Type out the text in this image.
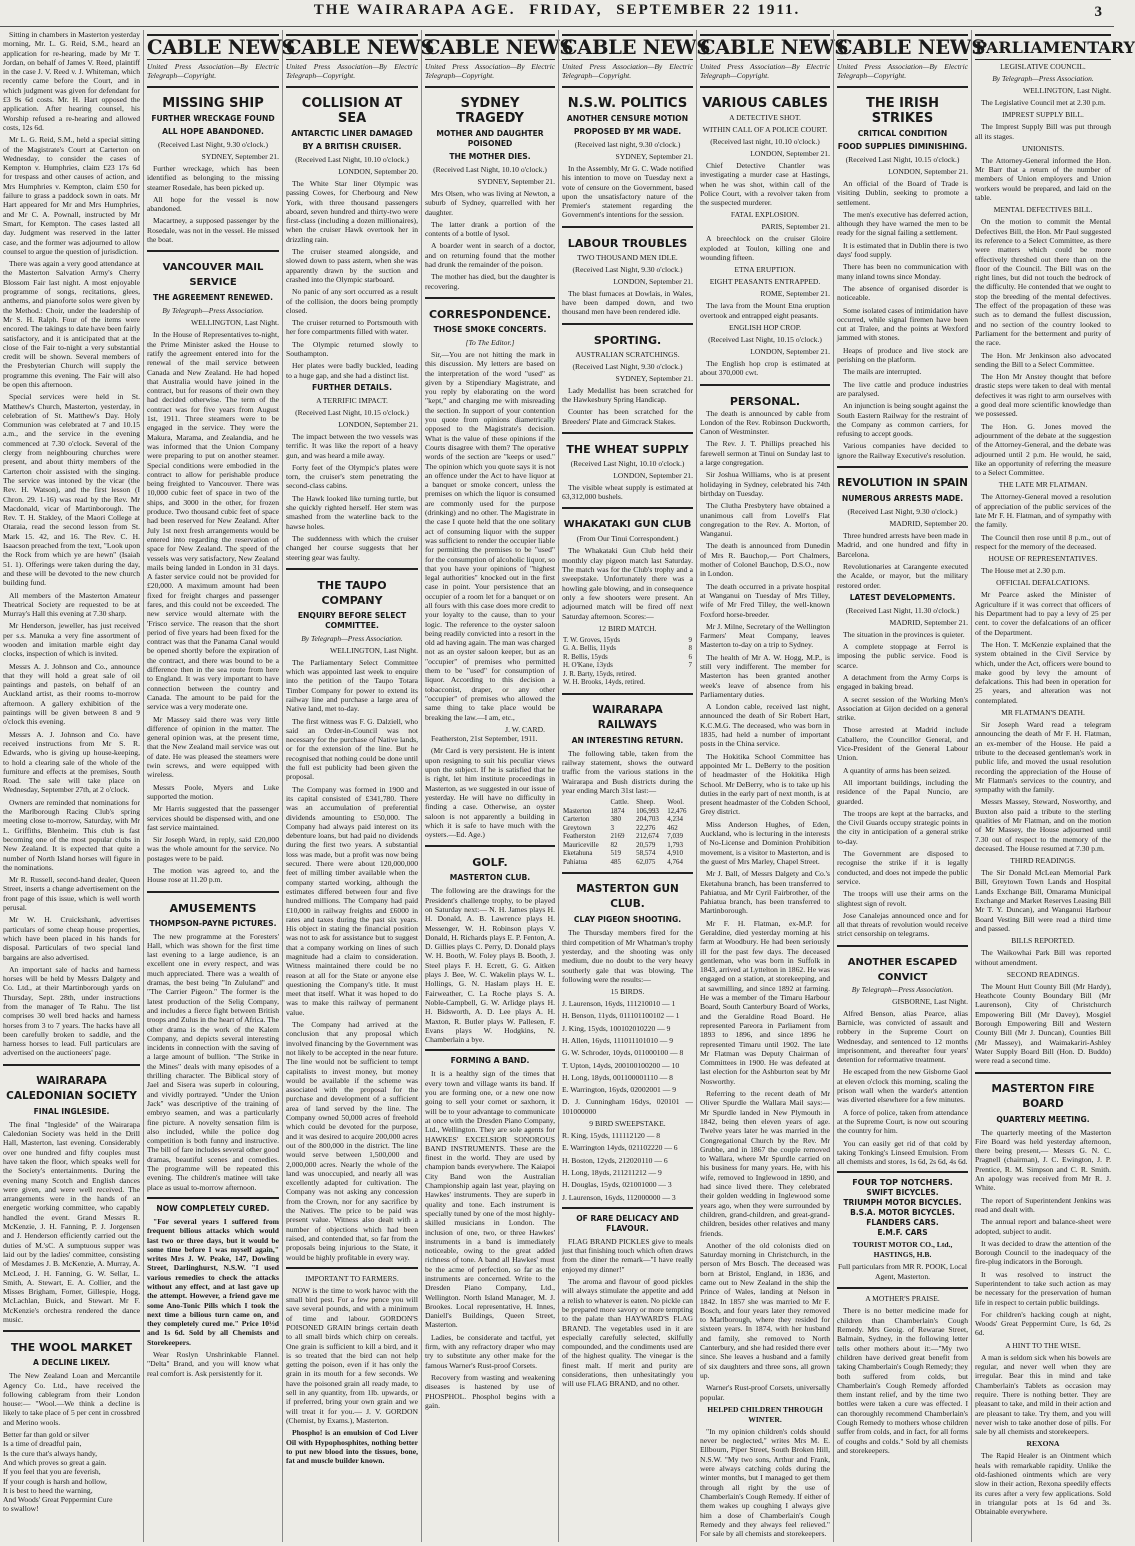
THE WAIRARAPA AGE. FRIDAY, SEPTEMBER 22 1911.	3

Sitting in chambers in Masterton yesterday morning, Mr. L. G. Reid, S.M., heard an application for re-hearing, made by Mr T. Jordan, on behalf of James V. Reed, plaintiff in the case J. V. Reed v. J. Whiteman, which recently came before the Court, and in which judgment was given for defendant for £3 9s 6d costs. Mr. H. Hart opposed the application. After hearing counsel, his Worship refused a re-hearing and allowed costs, 12s 6d.

Mr L. G. Reid, S.M., held a special sitting of the Magistrate's Court at Carterton on Wednesday, to consider the cases of Kempton v. Humphries, claim £23 17s 6d for trespass and other causes of action, and Mrs Humphries v. Kempton, claim £50 for failure to grass a paddock sown in oats. Mr Hart appeared for Mr and Mrs Humphries, and Mr C. A. Pownall, instructed by Mr Smart, for Kempton. The cases lasted all day. Judgment was reserved in the latter case, and the former was adjourned to allow counsel to argue the question of jurisdiction.

There was again a very good attendance at the Masterton Salvation Army's Cherry Blossom Fair last night. A most enjoyable programme of songs, recitations, glees, anthems, and pianoforte solos were given by the Method.: Choir, under the leadership of Mr S. H. Ralph. Four of the items were encored. The takings to date have been fairly satisfactory, and it is anticipated that at the close of the Fair to-night a very substantial credit will be shown. Several members of the Presbyterian Church will supply the programme this evening. The Fair will also be open this afternoon.

Special services were held in St. Matthew's Church, Masterton, yesterday, in celebration of St. Matthew's Day. Holy Communion was celebrated at 7 and 10.15 a.m., and the service in the evening commenced at 7.30 o'clock. Several of the clergy from neighbouring churches were present, and about thirty members of the Carterton choir assisted with the singing. The service was intoned by the vicar (the Rev. H. Watson), and the first lesson (I Chron. 29. 1-16) was read by the Rev. Mr Macdonald, vicar of Martinborough. The Rev. T. H. Stakley, of the Maori College at Otaraia, read the second lesson from St. Mark 15. 42, and 16. The Rev. C. H. Isaacson preached from the text, "Look upon the Rock from which ye are hewn" (Isaiah 51. 1). Offerings were taken during the day, and these will be devoted to the new church building fund.

All members of the Masterton Amateur Theatrical Society are requested to be at Murray's Hall this evening at 7.30 sharp.

Mr Henderson, jeweller, has just received per s.s. Manuka a very fine assortment of wooden and imitation marble eight day clocks, inspection of which is invited.

Messrs A. J. Johnson and Co., announce that they will hold a great sale of oil paintings and pastels, on behalf of an Auckland artist, as their rooms to-morrow afternoon. A gallery exhibition of the paintings will be given between 8 and 9 o'clock this evening.

Messrs A. J. Johnson and Co. have received instructions from Mr S. R. Edwards, who is giving up house-keeping, to hold a clearing sale of the whole of the furniture and effects at the premises, South Road. The sale will take place on Wednesday, September 27th, at 2 o'clock.

Owners are reminded that nominations for the Marlborough Racing Club's spring meeting close to-morrow, Saturday, with Mr L. Griffiths, Blenheim. This club is fast becoming one of the most popular clubs in New Zealand. It is expected that quite a number of North Island horses will figure in the nominations.

Mr R. Russell, second-hand dealer, Queen Street, inserts a change advertisement on the front page of this issue, which is well worth perusal.

Mr W. H. Cruickshank, advertises particulars of some cheap house properties, which have been placed in his hands for disposal. Particulars of two special land bargains are also advertised.

An important sale of hacks and harness horses will be held by Messrs Dalgety and Co. Ltd., at their Martinborough yards on Thursday, Sept. 28th, under instructions from the manager of Te Rahu. The list comprises 30 well bred hacks and harness horses from 3 to 7 years. The hacks have all been carefully broken to saddle, and the harness horses to lead. Full particulars are advertised on the auctioneers' page.

WAIRARAPA CALEDONIAN SOCIETY
FINAL INGLESIDE.

The final "Ingleside" of the Wairarapa Caledonian Society was held in the Drill Hall, Masterton, last evening. Considerably over one hundred and fifty couples must have taken the floor, which speaks well for the Society's entertainments. During the evening many Scotch and English dances were given, and were well received. The arrangements were in the hands of an energetic working committee, who capably handled the event. Grand Messrs R. McKenzie, J. H. Fanning, P. J. Jorgensen and J. Henderson efficiently carried out the duties of M.'sC. A sumptuous supper was laid out by the ladies' committee, consisting of Mesdames J. B. McKenzie, A. Murray, A. McLeod, J. H. Fanning, G. W. Sellar, L. Smith, A. Stewart, E. A. Collier, and the Misses Brigham, Forner, Gillespie, Hogg, McLachlan, Buick, and Stewart. Mr F. McKenzie's orchestra rendered the dance music.

THE WOOL MARKET
A DECLINE LIKELY.

The New Zealand Loan and Mercantile Agency Co. Ltd., have received the following cablegram from their London house:— "Wool.—We think a decline is likely to take place of 5 per cent in crossbred and Merino wools.

Better far than gold or silver
Is a time of dreadful pain,
Is the cure that's always handy,
And which proves so great a gain.
If you feel that you are feverish,
If your cough is harsh and hollow,
It is best to heed the warning,
And Woods' Great Peppermint Cure
to swallow!

CABLE NEWS
United Press Association—By Electric Telegraph—Copyright.
MISSING SHIP
FURTHER WRECKAGE FOUND
ALL HOPE ABANDONED.
(Received Last Night, 9.30 o'clock.)
SYDNEY, September 21.

Further wreckage, which has been identified as belonging to the missing steamer Rosedale, has been picked up.

All hope for the vessel is now abandoned.

Macartney, a supposed passenger by the Rosedale, was not in the vessel. He missed the boat.

VANCOUVER MAIL SERVICE
THE AGREEMENT RENEWED.
By Telegraph—Press Association.
WELLINGTON, Last Night.

In the House of Representatives to-night, the Prime Minister asked the House to ratify the agreement entered into for the renewal of the mail service between Canada and New Zealand. He had hoped that Australia would have joined in the contract, but for reasons of their own they had decided otherwise. The term of the contract was for five years from August 1st, 1911. Three steamers were to be engaged in the service. They were the Makura, Marama, and Zealandia, and he was informed that the Union Company were preparing to put on another steamer. Special conditions were embodied in the contract to allow for perishable produce being freighted to Vancouver. There was 10,000 cubic feet of space in two of the ships, and 3000 in the other, for frozen produce. Two thousand cubic feet of space had been reserved for New Zealand. After July 1st next fresh arrangements would be entered into regarding the reservation of space for New Zealand. The speed of the vessels was very satisfactory, New Zealand mails being landed in London in 31 days. A faster service could not be provided for £20,000. A maximum amount had been fixed for freight charges and passenger fares, and this could not be exceeded. The new service would alternate with the 'Frisco service. The reason that the short period of five years had been fixed for the contract was that the Panama Canal would be opened shortly before the expiration of the contract, and there was bound to be a difference then in the sea route from here to England. It was very important to have connection between the country and Canada. The amount to be paid for the service was a very moderate one.

Mr Massey said there was very little difference of opinion in the matter. The general opinion was, at the present time, that the New Zealand mail service was out of date. He was pleased the steamers were twin screws, and were equipped with wireless.

Messrs Poole, Myers and Luke supported the motion.

Mr Harris suggested that the passenger services should be dispensed with, and one fast service maintained.

Sir Joseph Ward, in reply, said £20,000 was the whole amount for the service. No postages were to be paid.

The motion was agreed to, and the House rose at 11.20 p.m.

AMUSEMENTS
THOMPSON-PAYNE PICTURES.

The new programme at the Foresters' Hall, which was shown for the first time last evening to a large audience, is an excellent one in every respect, and was much appreciated. There was a wealth of dramas, the best being "In Zululand" and "The Carrier Pigeon." The former is the latest production of the Selig Company, and includes a fierce fight between British troops and Zulus in the heart of Africa. The other drama is the work of the Kalem Company, and depicts several interesting incidents in connection with the saving of a large amount of bullion. "The Strike in the Mines" deals with many episodes of a thrilling character. The Biblical story of Jael and Sisera was superb in colouring, and vividly portrayed. "Under the Union Jack" was descriptive of the training of embryo seamen, and was a particularly fine picture. A novelty sensation film is also included, while the police dog competition is both funny and instructive. The bill of fare includes several other good dramas, beautiful scenes and comedies. The programme will be repeated this evening. The children's matinee will take place as usual to-morrow afternoon.

NOW COMPLETELY CURED.

"For several years I suffered from frequent bilious attacks which would last two or three days, but it would be some time before I was myself again," writes Mrs J. W. Peake, 147, Dowling Street, Darlinghurst, N.S.W. "I used various remedies to check the attacks without any effect, and at last gave up the attempt. However, a friend gave me some Ano-Tonic Pills which I took the next time a bilious turn came on, and they completely cured me." Price 10½d and 1s 6d. Sold by all Chemists and Storekeepers.

Wear Roslyn Unshrinkable Flannel. "Delta" Brand, and you will know what real comfort is. Ask persistently for it.

CABLE NEWS
United Press Association—By Electric Telegraph—Copyright.
COLLISION AT SEA
ANTARCTIC LINER DAMAGED
BY A BRITISH CRUISER.
(Received Last Night, 10.10 o'clock.)
LONDON, September 20.

The White Star liner Olympic was passing Cowes, for Cherbourg and New York, with three thousand passengers aboard, seven hundred and thirty-two were first-class (including a dozen millionaires), when the cruiser Hawk overtook her in drizzling rain.

The cruiser steamed alongside, and slowed down to pass astern, when she was apparently drawn by the suction and crashed into the Olympic starboard.

No panic of any sort occurred as a result of the collision, the doors being promptly closed.

The cruiser returned to Portsmouth with her fore compartments filled with water.

The Olympic returned slowly to Southampton.

Her plates were badly buckled, leading to a huge gap, and she had a distinct list.

FURTHER DETAILS.
A TERRIFIC IMPACT.
(Received Last Night, 10.15 o'clock.)
LONDON, September 21.

The impact between the two vessels was terrific. It was like the report of a heavy gun, and was heard a mile away.

Forty feet of the Olympic's plates were torn, the cruiser's stem penetrating the second-class cabins.

The Hawk looked like turning turtle, but she quickly righted herself. Her stem was smashed from the waterline back to the hawse holes.

The suddenness with which the cruiser changed her course suggests that her steering gear was faulty.

THE TAUPO COMPANY
ENQUIRY BEFORE SELECT COMMITTEE.
By Telegraph—Press Association.
WELLINGTON, Last Night.

The Parliamentary Select Committee which was appointed last week to enquire into the petition of the Taupo Totara Timber Company for power to extend its railway line and purchase a large area of Native land, met to-day.

The first witness was F. G. Dalziell, who said an Order-in-Council was not necessary for the purchase of Native lands, or for the extension of the line. But he recognised that nothing could be done until the full est publicity had been given the proposal.

The Company was formed in 1900 and its capital consisted of £341,780. There was an accumulation of preferential dividends amounting to £50,000. The Company had always paid interest on its debenture loans, but had paid no dividends during the first two years. A substantial loss was made, but a profit was now being secured. There were about 120,000,000 feet of milling timber available when the company started working, although the estimates differed between four and five hundred millions. The Company had paid £10,000 in railway freights and £6000 in rates and taxes during the past six years. His object in stating the financial position was not to ask for assistance but to suggest that a company working on lines of such magnitude had a claim to consideration. Witness maintained there could be no reason at all for the State or anyone else questioning the Company's title. It must meet that itself. What it was hoped to do was to make this railway of permanent value.

The Company had arrived at the conclusion that any proposal which involved financing by the Government was not likely to be accepted in the near future. The line would not be sufficient to tempt capitalists to invest money, but money would be available if the scheme was associated with the proposal for the purchase and development of a sufficient area of land served by the line. The Company owned 50,000 acres of freehold which could be devoted for the purpose, and it was desired to acquire 200,000 acres out of the 800,000 in the district. The line would serve between 1,500,000 and 2,000,000 acres. Nearly the whole of the land was unoccupied, and nearly all was excellently adapted for cultivation. The Company was not asking any concession from the Crown, nor for any sacrifice by the Natives. The price to be paid was present value. Witness also dealt with a number of objections which had been raised, and contended that, so far from the proposals being injurious to the State, it would be highly profitable in every way.

IMPORTANT TO FARMERS.

NOW is the time to work havoc with the small bird pest. For a few pence you will save several pounds, and with a minimum of time and labour. GORDON'S POISONED GRAIN brings certain death to all small birds which chirp on cereals. One grain is sufficient to kill a bird, and it is so treated that the bird can not help getting the poison, even if it has only the grain in its mouth for a few seconds. We have the poisoned grain all ready made, to sell in any quantity, from 1lb. upwards, or if preferred, bring your own grain and we will treat it for you.— J. V. GORDON (Chemist, by Exams.), Masterton.

Phospho! is an emulsion of Cod Liver Oil with Hypophosphites, nothing better to put new blood into the tissues, bone, fat and muscle builder known.

CABLE NEWS
United Press Association—By Electric Telegraph—Copyright.
SYDNEY TRAGEDY
MOTHER AND DAUGHTER POISONED
THE MOTHER DIES.
(Received Last Night, 10.10 o'clock.)
SYDNEY, September 21.

Mrs Olsen, who was living at Newton, a suburb of Sydney, quarrelled with her daughter.

The latter drank a portion of the contents of a bottle of lysol.

A boarder went in search of a doctor, and on returning found that the mother had drunk the remainder of the poison.

The mother has died, but the daughter is recovering.

CORRESPONDENCE.
THOSE SMOKE CONCERTS.
[To The Editor.]

Sir,—You are not hitting the mark in this discussion. My letters are based on the interpretation of the word "used" as given by a Stipendiary Magistrate, and you reply by elaborating on the word "kept," and charging me with misreading the section. In support of your contention you quote from opinions diametrically opposed to the Magistrate's decision. What is the value of these opinions if the Courts disagree with them? The operative words of the section are "keeps or used." The opinion which you quote says it is not an offence under the Act to have liquor at a banquet or smoke concert, unless the premises on which the liquor is consumed are commonly used for the purpose (drinking) and no other. The Magistrate in the case I quote held that the one solitary act of consuming liquor with the supper was sufficient to render the occupier liable for permitting the premises to be "used" for the consumption of alcoholic liquor, so that you have your opinions of "highest legal authorities" knocked out in the first case in point. Your persistence that an occupier of a room let for a banquet or on all fours with this case does more credit to your loyalty to the cause, than to your logic. The reference to the oyster saloon being readily convicted into a resort in the old ad having again. The man was charged not as an oyster saloon keeper, but as an "occupier" of premises who permitted them to be "used" for consumption of liquor. According to this decision a tobacconist, draper, or any other "occupier" of premises who allowed the same thing to take place would be breaking the law.—I am, etc.,

J. W. CARD.

Featherston, 21st September, 1911.

(Mr Card is very persistent. He is intent upon resigning to suit his peculiar views upon the subject. If he is satisfied that he is right, let him institute proceedings in Masterton, as we suggested in our issue of yesterday. He will have no difficulty in finding a case. Otherwise, an oyster saloon is not apparently a building in which it is safe to have much with the oysters.—Ed. Age.)

GOLF.
MASTERTON CLUB.

The following are the drawings for the President's challenge trophy, to be played on Saturday next:— N. H. James plays H. H. Donald, A. B. Lawrence plays H. Messenger, W. H. Robinson plays V. Donald, H. Richards plays E. P. Fenton, A. D. Gillies plays C. Perry, D. Donald plays W. H. Booth, W. Foley plays B. Booth, J. Steel plays F. H. Ecrett, G. G. Aitken plays J. Bee, W. C. Wakelin plays W. L. Hollings, G. N. Haslam plays H. E. Fairweather, C. La Roche plays S. A. Noble-Campbell, G. W. Arlidge plays H. H. Bidsworth, A. D. Lee plays A. H. Maxton, R. Butler plays W. Pallesen, F. Evans plays W. Hodgkins, N. Chamberlain a bye.

FORMING A BAND.

It is a healthy sign of the times that every town and village wants its band. If you are forming one, or a new one now going to sell your cornet or saxhorn, it will be to your advantage to communicate at once with the Dresden Piano Company, Ltd., Wellington. They are sole agents for HAWKES' EXCELSIOR SONOROUS BAND INSTRUMENTS. These are the finest in the world. They are used by champion bands everywhere. The Kaiapoi City Band won the Australian Championship again last year, playing on Hawkes' instruments. They are superb in quality and tone. Each instrument is specially tuned by one of the most highly-skilled musicians in London. The inclusion of one, two, or three Hawkes' instruments in a band is immediately noticeable, owing to the great added richness of tone. A band all Hawkes' must be the acme of perfection, so far as the instruments are concerned. Write to the Dresden Piano Company, Ltd., Wellington. North Island Manager, M. J. Brookes. Local representative, H. Innes, Daniell's Buildings, Queen Street, Masterton.

Ladies, be considerate and tactful, yet firm, with any refractory draper who may try to substitute any other make for the famous Warner's Rust-proof Corsets.

Recovery from wasting and weakening diseases is hastened by use of PHOSPHOL. Phosphol begins with a gain.

CABLE NEWS
United Press Association—By Electric Telegraph—Copyright.
N.S.W. POLITICS
ANOTHER CENSURE MOTION
PROPOSED BY MR WADE.
(Received last night, 9.30 o'clock.)
SYDNEY, September 21.

In the Assembly, Mr G. C. Wade notified his intention to move on Tuesday next a vote of censure on the Government, based upon the unsatisfactory nature of the Premier's statement regarding the Government's intentions for the session.

LABOUR TROUBLES
TWO THOUSAND MEN IDLE.
(Received Last Night, 9.30 o'clock.)
LONDON, September 21.

The blast furnaces at Dowlais, in Wales, have been damped down, and two thousand men have been rendered idle.

SPORTING.
AUSTRALIAN SCRATCHINGS.
(Received Last Night, 9.30 o'clock.)
SYDNEY, September 21.

Lady Medallist has been scratched for the Hawkesbury Spring Handicap.

Counter has been scratched for the Breeders' Plate and Gimcrack Stakes.

THE WHEAT SUPPLY
(Received Last Night, 10.10 o'clock.)
LONDON, September 21.

The visible wheat supply is estimated at 63,312,000 bushels.

WHAKATAKI GUN CLUB
(From Our Tinui Correspondent.)

The Whakataki Gun Club held their monthly clay pigeon match last Saturday. The match was for the Club's trophy and a sweepstake. Unfortunately there was a howling gale blowing, and in consequence only a few shooters were present. An adjourned match will be fired off next Saturday afternoon. Scores:—

12 BIRD MATCH.
T. W. Groves, 15yds	9
G. A. Bellis, 11yds	8
R. Bellis, 15yds	6
H. O'Kane, 13yds	7
J. R. Barty, 15yds, retired.	
W. H. Brooks, 14yds, retired.	
WAIRARAPA RAILWAYS
AN INTERESTING RETURN.

The following table, taken from the railway statement, shows the outward traffic from the various stations in the Wairarapa and Bush districts during the year ending March 31st last:—

	Cattle.	Sheep.	Wool.
Masterton	1874	106,993	12,476
Carterton	380	204,703	4,234
Greytown	3	22,276	462
Featherston	2169	212,674	7,039
Mauriceville	82	20,579	1,793
Eketahuna	519	58,574	4,910
Pahiatua	485	62,075	4,764
MASTERTON GUN CLUB.
CLAY PIGEON SHOOTING.

The Thursday members fired for the third competition of Mr Whatman's trophy yesterday, and the shooting was only medium, due no doubt to the very heavy southerly gale that was blowing. The following were the results:—

15 BIRDS.

J. Laurenson, 16yds, 111210010 — 1

H. Benson, 11yds, 011101100102 — 1

J. King, 15yds, 100102010220 — 9

H. Allen, 16yds, 111011101010 — 9

G. W. Schroder, 10yds, 011000100 — 8

T. Upton, 14yds, 200100100200 — 10

H. Long, 18yds, 001100001110 — 8

E. Warrington, 16yds, 02002001 — 9

D. J. Cunningham 16dys, 020101 — 101000000

9 BIRD SWEEPSTAKE.

R. King, 15yds, 111112120 — 8

E. Warrington 14yds, 021102220 — 6

H. Boston, 12yds, 212020110 — 6

H. Long, 18yds, 211211212 — 9

H. Douglas, 15yds, 021001000 — 3

J. Laurenson, 16yds, 112000000 — 3

OF RARE DELICACY AND FLAVOUR.

FLAG BRAND PICKLES give to meals just that finishing touch which often draws from the diner the remark—"I have really enjoyed my dinner!"

The aroma and flavour of good pickles will always stimulate the appetite and add a relish to whatever is eaten. No pickle can be prepared more savory or more tempting to the palate than HAYWARD'S FLAG BRAND. The vegetables used in it are especially carefully selected, skilfully compounded, and the condiments used are of the highest quality. The vinegar is the finest malt. If merit and purity are considerations, then unhesitatingly you will use FLAG BRAND, and no other.

CABLE NEWS
United Press Association—By Electric Telegraph—Copyright.
VARIOUS CABLES
A DETECTIVE SHOT.
WITHIN CALL OF A POLICE COURT.
(Received last night, 10.10 o'clock.)
LONDON, September 21.

Chief Detective Chantler was investigating a murder case at Hastings, when he was shot, within call of the Police Court, with a revolver taken from the suspected murderer.

FATAL EXPLOSION.
PARIS, September 21.

A breechlock on the cruiser Gloire exploded at Toulon, killing one and wounding fifteen.

ETNA ERUPTION.
EIGHT PEASANTS ENTRAPPED.
ROME, September 21.

The lava from the Mount Etna eruption overtook and entrapped eight peasants.

ENGLISH HOP CROP.
(Received Last Night, 10.15 o'clock.)
LONDON, September 21.

The English hop crop is estimated at about 370,000 cwt.

PERSONAL.

The death is announced by cable from London of the Rev. Robinson Duckworth, Canon of Westminster.

The Rev. J. T. Phillips preached his farewell sermon at Tinui on Sunday last to a large congregation.

Sir Joshua Williams, who is at present holidaying in Sydney, celebrated his 74th birthday on Tuesday.

The Clutha Presbytery have obtained a unanimous call from Lovell's Flat congregation to the Rev. A. Morton, of Wanganui.

The death is announced from Dunedin of Mrs R. Bauchop,— Port Chalmers, mother of Colonel Bauchop, D.S.O., now in London.

The death occurred in a private hospital at Wanganui on Tuesday of Mrs Tilley, wife of Mr Fred Tilley, the well-known Foxford horse-breeder.

Mr J. Milne, Secretary of the Wellington Farmers' Meat Company, leaves Masterton to-day on a trip to Sydney.

The health of Mr A. W. Hogg, M.P., is still very indifferent. The member for Masterton has been granted another week's leave of absence from his Parliamentary duties.

A London cable, received last night, announced the death of Sir Robert Hart, K.C.M.G. The deceased, who was born in 1835, had held a number of important posts in the China service.

The Hokitika School Committee has appointed Mr L. DeBerry to the position of headmaster of the Hokitika High School. Mr DeBerry, who is to take up his duties in the early part of next month, is at present headmaster of the Cobden School, Grey district.

Miss Anderson Hughes, of Eden, Auckland, who is lecturing in the interests of No-License and Dominion Prohibition movement, is a visitor to Masterton, and is the guest of Mrs Marley, Chapel Street.

Mr J. Ball, of Messrs Dalgety and Co.'s Eketahuna branch, has been transferred to Pahiatua, and Mr Cyril Fairbrother, of the Pahiatua branch, has been transferred to Martinborough.

Mr F. H. Flatman, ex-M.P. for Geraldine, died yesterday morning at his farm at Woodbury. He had been seriously ill for the past few days. The deceased gentleman, who was born in Suffolk in 1843, arrived at Lyttelton in 1862. He was engaged on a station, at storekeeping, and at sawmilling, and since 1892 at farming. He was a member of the Timaru Harbour Board, South Canterbury Board of Works, and the Geraldine Road Board. He represented Pareora in Parliament from 1893 to 1896, and since 1896 he represented Timaru until 1902. The late Mr Flatman was Deputy Chairman of Committees in 1900. He was defeated at last election for the Ashburton seat by Mr Nosworthy.

Referring to the recent death of Mr Oliver Spurdle the Wallara Mail says:—Mr Spurdle landed in New Plymouth in 1842, being then eleven years of age. Twelve years later he was married in the Congregational Church by the Rev. Mr Grubbe, and in 1867 the couple removed to Wallara, where Mr Spurdle carried on his business for many years. He, with his wife, removed to Inglewood in 1890, and had since lived there. They celebrated their golden wedding in Inglewood some years ago, when they were surrounded by children, grand-children, and great-grand-children, besides other relatives and many friends.

Another of the old colonists died on Saturday morning in Christchurch, in the person of Mrs Bosch. The deceased was born at Bristol, England, in 1836, and came out to New Zealand in the ship the Prince of Wales, landing at Nelson in 1842. In 1857 she was married to Mr F. Bosch, and four years later they removed to Marlborough, where they resided for sixteen years. In 1874, with her husband and family, she removed to North Canterbury, and she had resided there ever since. She leaves a husband and a family of six daughters and three sons, all grown up.

Warner's Rust-proof Corsets, universally popular.

HELPED CHILDREN THROUGH WINTER.

"In my opinion children's colds should never be neglected," writes Mrs M. E. Ellbourn, Piper Street, South Broken Hill, N.S.W. "My two sons, Arthur and Frank, were always catching colds during the winter months, but I managed to get them through all right by the use of Chamberlain's Cough Remedy. If either of them wakes up coughing I always give him a dose of Chamberlain's Cough Remedy and they always feel relieved." For sale by all chemists and storekeepers.

CABLE NEWS
United Press Association—By Electric Telegraph—Copyright.
THE IRISH STRIKES
CRITICAL CONDITION
FOOD SUPPLIES DIMINISHING.
(Received Last Night, 10.15 o'clock.)
LONDON, September 21.

An official of the Board of Trade is visiting Dublin, seeking to promote a settlement.

The men's executive has deferred action, although they have warned the men to be ready for the signal failing a settlement.

It is estimated that in Dublin there is two days' food supply.

There has been no communication with many inland towns since Monday.

The absence of organised disorder is noticeable.

Some isolated cases of intimidation have occurred, while signal firemen have been cut at Tralee, and the points at Wexford jammed with stones.

Heaps of produce and live stock are perishing on the platform.

The mails are interrupted.

The live cattle and produce industries are paralysed.

An injunction is being sought against the South Eastern Railway for the restraint of the Company as common carriers, for refusing to accept goods.

Various companies have decided to ignore the Railway Executive's resolution.

REVOLUTION IN SPAIN
NUMEROUS ARRESTS MADE.
(Received Last Night, 9.30 o'clock.)
MADRID, September 20.

Three hundred arrests have been made in Madrid, and one hundred and fifty in Barcelona.

Revolutionaries at Carangente executed the Acalde, or mayor, but the military restored order.

LATEST DEVELOPMENTS.
(Received Last Night, 11.30 o'clock.)
MADRID, September 21.

The situation in the provinces is quieter.

A complete stoppage at Ferrol is imposing the public service. Food is scarce.

A detachment from the Army Corps is engaged in baking bread.

A secret session of the Working Men's Association at Gijon decided on a general strike.

Those arrested at Madrid include Caballero, the Councillor General, and Vice-President of the General Labour Union.

A quantity of arms has been seized.

All important buildings, including the residence of the Papal Nuncio, are guarded.

The troops are kept at the barracks, and the Civil Guards occupy strategic points in the city in anticipation of a general strike to-day.

The Government are disposed to recognise the strike if it is legally conducted, and does not impede the public service.

The troops will use their arms on the slightest sign of revolt.

Jose Canalejas announced once and for all that threats of revolution would receive strict censorship on telegrams.

ANOTHER ESCAPED CONVICT
By Telegraph—Press Association.
GISBORNE, Last Night.

Alfred Benson, alias Pearce, alias Barnicle, was convicted of assault and robbery in the Supreme Court on Wednesday, and sentenced to 12 months imprisonment, and thereafter four years' detention for reformative treatment.

He escaped from the new Gisborne Gaol at eleven o'clock this morning, scaling the prison wall when the warder's attention was diverted elsewhere for a few minutes.

A force of police, taken from attendance at the Supreme Court, is now out scouring the country for him.

You can easily get rid of that cold by taking Tonking's Linseed Emulsion. From all chemists and stores, 1s 6d, 2s 6d, 4s 6d.

FOUR TOP NOTCHERS.
SWIFT BICYCLES.
TRIUMPH MOTOR BICYCLES.
B.S.A. MOTOR BICYCLES.
FLANDERS CARS.
E.M.F. CARS
TOURIST MOTOR CO., Ltd., HASTINGS, H.B.
Full particulars from MR R. POOK, Local Agent, Masterton.
A MOTHER'S PRAISE.

There is no better medicine made for children than Chamberlain's Cough Remedy. Mrs Geoig. of Rewarae Street, Balmain, Sydney, in the following letter tells other mothers about it:—"My two children have derived great benefit from taking Chamberlain's Cough Remedy; they both suffered from colds, but Chamberlain's Cough Remedy afforded them instant relief, and by the time two bottles were taken a cure was effected. I can thoroughly recommend Chamberlain's Cough Remedy to mothers whose children suffer from colds, and in fact, for all forms of coughs and colds." Sold by all chemists and storekeepers.

PARLIAMENTARY
LEGISLATIVE COUNCIL.
By Telegraph—Press Association.
WELLINGTON, Last Night.

The Legislative Council met at 2.30 p.m.

IMPREST SUPPLY BILL.

The Imprest Supply Bill was put through all its stages.

UNIONISTS.

The Attorney-General informed the Hon. Mr Barr that a return of the number of members of Union employers and Union workers would be prepared, and laid on the table.

MENTAL DEFECTIVES BILL.

On the motion to commit the Mental Defectives Bill, the Hon. Mr Paul suggested its reference to a Select Committee, as there were matters which could be more effectively threshed out there than on the floor of the Council. The Bill was on the right lines, but did not touch the bedrock of the difficulty. He contended that we ought to stop the breeding of the mental defectives. The effect of the propagation of these was such as to demand the fullest discussion, and no section of the country looked to Parliament for the betterment and purity of the race.

The Hon. Mr Jenkinson also advocated sending the Bill to a Select Committee.

The Hon Mr Anstey thought that before drastic steps were taken to deal with mental defectives it was right to arm ourselves with a good deal more scientific knowledge than we possessed.

The Hon. G. Jones moved the adjournment of the debate at the suggestion of the Attorney-General, and the debate was adjourned until 2 p.m. He would, he said, like an opportunity of referring the measure to a Select Committee.

THE LATE MR FLATMAN.

The Attorney-General moved a resolution of appreciation of the public services of the late Mr F. H. Flatman, and of sympathy with the family.

The Council then rose until 8 p.m., out of respect for the memory of the deceased.

HOUSE OF REPRESENTATIVES.

The House met at 2.30 p.m.

OFFICIAL DEFALCATIONS.

Mr Pearce asked the Minister of Agriculture if it was correct that officers of his Department had to pay a levy of 25 per cent. to cover the defalcations of an officer of the Department.

The Hon. T. McKenzie explained that the system obtained in the Civil Service by which, under the Act, officers were bound to make good by levy the amount of defalcations. This had been in operation for 25 years, and alteration was not contemplated.

MR FLATMAN'S DEATH.

Sir Joseph Ward read a telegram announcing the death of Mr F. H. Flatman, an ex-member of the House. He paid a tribute to the deceased gentleman's work in public life, and moved the usual resolution recording the appreciation of the House of Mr Flatman's services to the country, and sympathy with the family.

Messrs Massey, Steward, Nosworthy, and Buxton also paid a tribute to the sterling qualities of Mr Flatman, and on the motion of Mr Massey, the House adjourned until 7.30 out of respect to the memory of the deceased. The House resumed at 7.30 p.m.

THIRD READINGS.

The Sir Donald McLean Memorial Park Bill, Greytown Town Lands and Hospital Lands Exchange Bill, Omarama Municipal Exchange and Market Reserves Leasing Bill Mr T. Y. Duncan), and Wanganui Harbour Board Vesting Bill were read a third time and passed.

BILLS REPORTED.

The Waikowhai Park Bill was reported without amendment.

SECOND READINGS.

The Mount Hutt County Bill (Mr Hardy), Heathcote County Boundary Bill (Mr Laurenson), City of Christchurch Empowering Bill (Mr Davey), Mosgiel Borough Empowering Bill and Western County Bill (Mr J. Duncan), Counties Bill (Mr Massey), and Waimakariri-Ashley Water Supply Board Bill (Hon. D. Buddo) were read a second time.

MASTERTON FIRE BOARD
QUARTERLY MEETING.

The quarterly meeting of the Masterton Fire Board was held yesterday afternoon, there being present,— Messrs G. N. C. Pragnell (chairman), J. C. Ewington, J. P. Prentice, R. M. Simpson and C. R. Smith. An apology was received from Mr R. J. White.

The report of Superintendent Jenkins was read and dealt with.

The annual report and balance-sheet were adopted, subject to audit.

It was decided to draw the attention of the Borough Council to the inadequacy of the fire-plug indicators in the Borough.

It was resolved to instruct the Superintendent to take such action as may be necessary for the preservation of human life in respect to certain public buildings.

For children's hacking cough at night, Woods' Great Peppermint Cure, 1s 6d, 2s 6d.

A HINT TO THE WISE.

A man is seldom sick when his bowels are regular, and never well when they are irregular. Bear this in mind and take Chamberlain's Tablets as occasion may require. There is nothing better. They are pleasant to take, and mild in their action and are pleasant to take. Try them, and you will never wish to take another dose of pills. For sale by all chemists and storekeepers.

REXONA

The Rapid Healer is an Ointment which heals with remarkable rapidity. Unlike the old-fashioned ointments which are very slow in their action, Rexona speedily effects its cures after a very few applications. Sold in triangular pots at 1s 6d and 3s. Obtainable everywhere.
